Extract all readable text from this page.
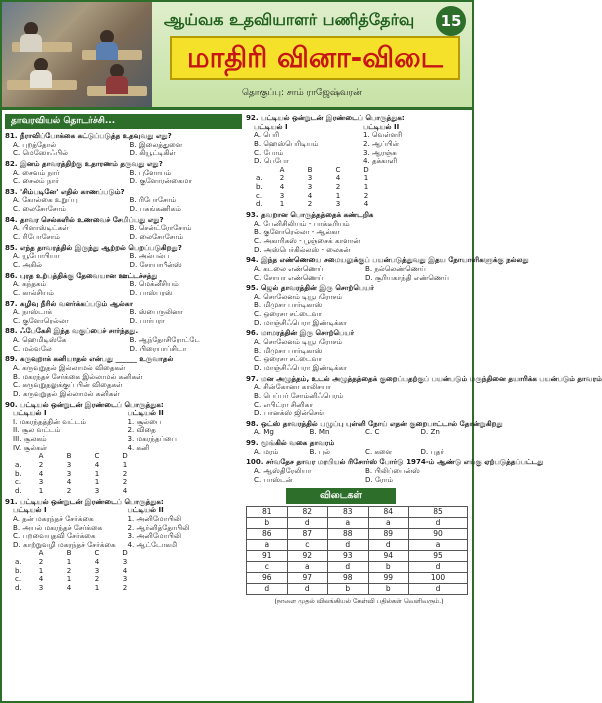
ஆய்வக உதவியாளர் பணித்தேர்வு	15
மாதிரி வினா-விடை
தொகுப்பு: சாம் ராஜேஷ்வரன்
தாவரவியல் தொடர்ச்சி...
81. நீராவிப்போக்கை கட்டுப்படுத்த உதவுவது எது?
A. புறத்தோல்	B. இலைத்துளை
C. மெஸோஃபில்	D. கியூட்டிகிள்
82. இனம் தாவரத்திற்கு உதாரணம் தருவது எது?
A. சைவம் நார்	B. புளோயம்
C. சைலம் நார்	D. குளோரன்கைமா
83. 'சிம்படினே' எதில் காணப்படும்?
A. கோல்கை உறுப்பு	B. ரிபோசோம்
C. லைசோசோம்	D. பசுங்கணிகம்
84. தாவர செல்களில் உணவைச் சேமிப்பது எது?
A. பிளாஸ்டிட்கள்	B. சென்ட்ரோசோம்
C. ரிபோசோம்	D. லைசோசோம்
85. எந்த தாவரத்தில் இருந்து ஆற்றல் பெறப்படுகிறது?
A. யூபோபியா	B. அல்பல்ப
C. அகில்	D. சோயாபீன்ஸ்
86. புரத உற்பத்திக்கு தேவையான ஊட்டச்சத்து
A. கந்தகம்	B. மெக்னீசியம்
C. கால்சியம்	D. பாஸ்பரஸ்
87. கழிவு நீரில் வளர்க்கப்படும் ஆல்கா
A. நாஸ்டாக்	B. ஸ்பைருலினா
C. குளோரெல்லா	D. பார்பரா
88. ஃபேகேசி இந்த வகுப்பைச் சார்ந்தது.
A. ஹெமிடிஸ்கே	B. ஆந்தோசிரோட்டே
C. மல்வலே	D. பிரையாப்சிடா
89. கருவுறாக் கனியாதல் என்பது ______ உருவாதல்
A. கருவுறுதல் இல்லாமல் விதைகள்
B. மகரந்தச் சேர்க்கை இல்லாமல் கனிகள்
C. கருவுறுதலுக்குப் பின் விதைகள்
D. கருவுறுதல் இல்லாமல் கனிகள்
90. பட்டியல் ஒன்றுடன் இரண்டைப் பொருத்துக:
பட்டியல் I	பட்டியல் II
I. மகரந்தத்தின் வட்டம்	1. சூல்பை
II. சூல வட்டம்	2. விதை
III. சூலகம்	3. மகரந்தப்பை
IV. சூல்கள்	4. கனி
	A	B	C	D
a.	2	3	4	1
b.	4	3	1	2
c.	3	4	1	2
d.	1	2	3	4
91. பட்டியல் ஒன்றுடன் இரண்டைப் பொருத்துக:
பட்டியல் I	பட்டியல் II
A. தன் மகரந்தச் சேர்க்கை	1. அனிமோபிலி
B. அயல் மகரந்தச் சேர்க்கை	2. ஆர்னித்தோபிலி
C. பறவையுதவி சேர்க்கை	3. அனிமோபிலி
D. காற்றுவழி மகரந்தச் சேர்க்கை	4. ஆட்டோகமி
	A	B	C	D
a.	2	1	4	3
b.	1	2	3	4
c.	4	1	2	3
d.	3	4	1	2
92. பட்டியல் ஒன்றுடன் இரண்டைப் பொருத்துக:
பட்டியல் I	பட்டியல் II
A. பெரி	1. வெள்ளரி
B. ஹெஸ்பெரிடியம்	2. ஆப்பிள்
C. போம்	3. ஆரஞ்சு
D. பெபோ	4. தக்காளி
	A	B	C	D
a.	2	3	4	1
b.	4	3	2	1
c.	3	4	1	2
d.	1	2	3	4
93. தவறான பொருத்தத்தைக் கண்டறிக
A. பேனிசிலியம் - பாக்டீரியம்
B. குளோரெல்லா - ஆல்கா
C. அகாரிகஸ் - பூஞ்சைக் காளான்
D. அஸ்பெர்கில்லஸ் - லைகன்
94. இந்த எண்ணெயை சமையலுக்குப் பயன்படுத்துவது இதய நோயாளிகளுக்கு நல்லது
A. கடலை எண்ணெய்	B. நல்லெண்ணெய்
C. சோயா எண்ணெய்	D. சூரியகாந்தி எண்ணெய்
95. ஜெல் தாவரத்தின் இரு சொற்பெயர்
A. சொலேனம் டியூபரோசம்
B. மிமுசா பார்டிகாஸ்
C. ஒரைசா சட்டைவா
D. மாஞ்சிஃபெரா இண்டிக்கா
96. மாமரத்தின் இரு சொற்பெயர்
A. சொலேனம் டியூபரோசம்
B. மிமுசா பார்டிகாஸ்
C. ஒரைசா சட்டைவா
D. மாஞ்சிஃபெரா இண்டிக்கா
97. மன அழுத்தம், உடல் அழுத்தத்தைக் குறைப்பதற்குப் பயன்படும் மருந்தினை தயாரிக்க பயன்படும் தாவரம்
A. சின்கோனா காலிசயா
B. பெப்பர் சோம்னிஃபெரம்
C. எபிட்ரா சினிகா
D. பானக்ஸ் ஜின்செங்
98. ஒட்ஸ் தாவரத்தில் பழுப்பு புள்ளி நோய் எதன் குறைபாட்டால் தோன்றுகிறது
A. Mg	B. Mn	C. C	D. Zn
99. மூங்கில் வகை தாவரம்
A. மரம்	B. புல்	C. களை	D. புதர்
100. சர்வதேச தாவர மரபியல் ரிசோர்ஸ் போர்டு 1974-ம் ஆண்டு எங்கு ஏற்படுத்தப்பட்டது
A. ஆஸ்திரேலியா	B. பிலிப்பைன்ஸ்
C. பாஸ்டன்	D. ரோம்
விடைகள்
81	82	83	84	85
b	d	a	a	d
86	87	88	89	90
a	c	d	d	a
91	92	93	94	95
c	a	d	b	d
96	97	98	99	100
d	d	b	b	d
(நாளை முதல் விலங்கியல் கேள்வி பதில்கள் வெளிவரும்.)
